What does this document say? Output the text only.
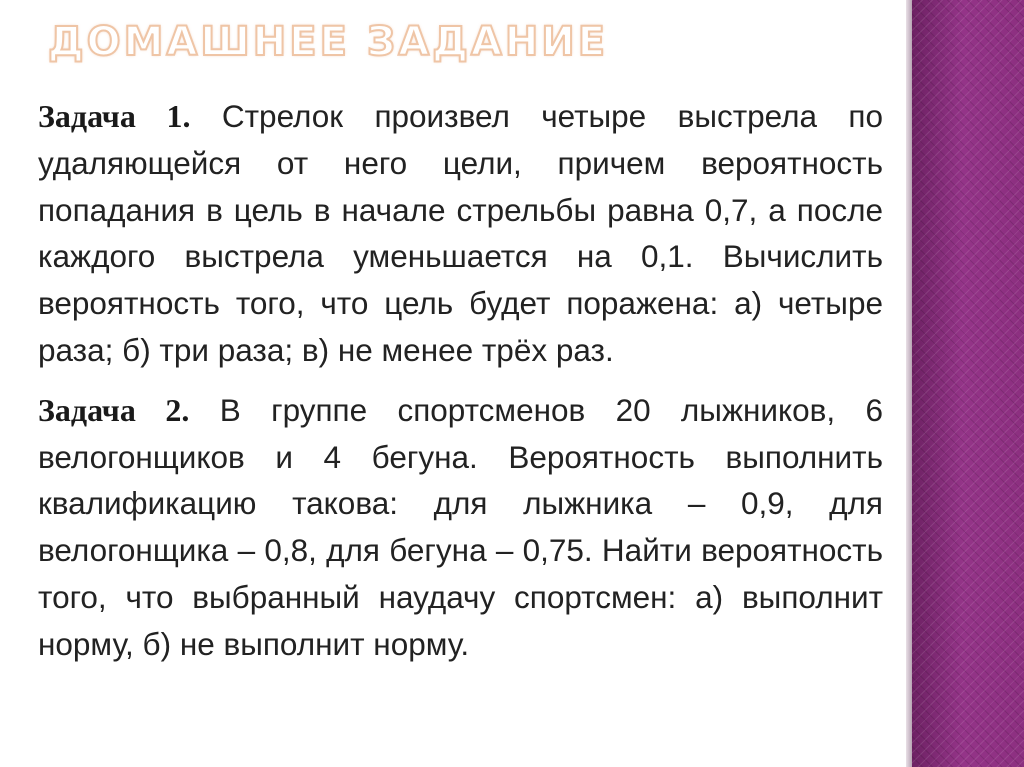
ДОМАШНЕЕ ЗАДАНИЕ

Задача 1. Стрелок произвел четыре выстрела по удаляющейся от него цели, причем вероятность попадания в цель в начале стрельбы равна 0,7, а после каждого выстрела уменьшается на 0,1. Вычислить вероятность того, что цель будет поражена: а) четыре раза; б) три раза; в) не менее трёх раз.

Задача 2. В группе спортсменов 20 лыжников, 6 велогонщиков и 4 бегуна. Вероятность выполнить квалификацию такова: для лыжника – 0,9, для велогонщика – 0,8, для бегуна – 0,75. Найти вероятность того, что выбранный наудачу спортсмен: а) выполнит норму, б) не выполнит норму.
